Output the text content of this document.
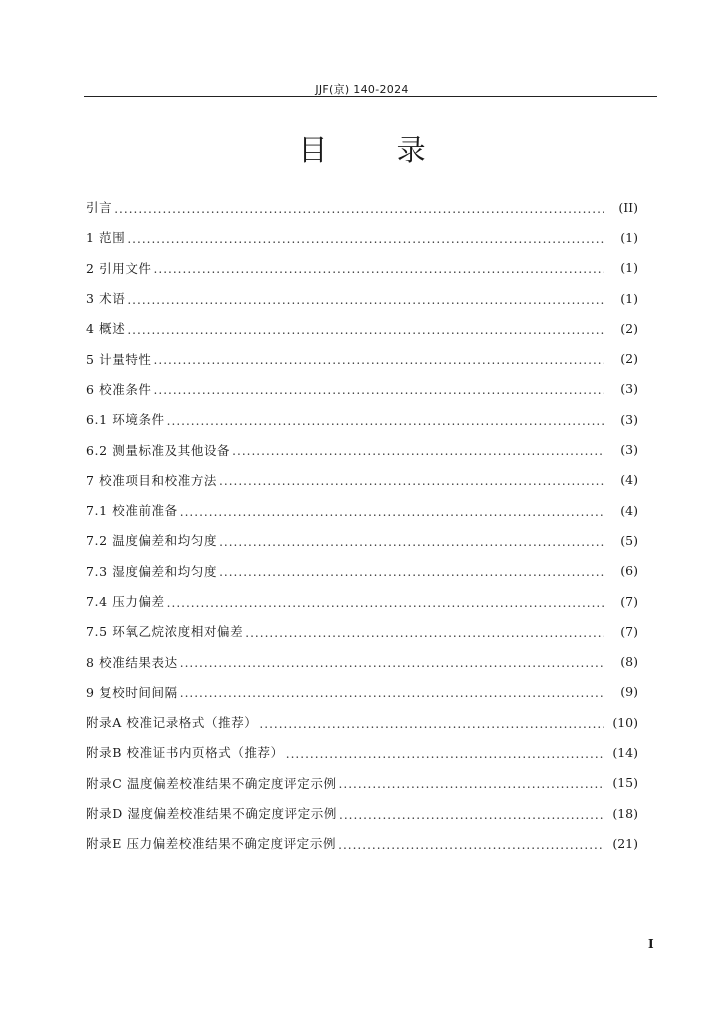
JJF(京) 140-2024
目 录
引言 . . .	(II)
1 范围 . . .	(1)
2 引用文件 . . .	(1)
3 术语 . . .	(1)
4 概述 . . .	(2)
5 计量特性 . . .	(2)
6 校准条件 . . .	(3)
6.1 环境条件 . . .	(3)
6.2 测量标准及其他设备 . . .	(3)
7 校准项目和校准方法 . . .	(4)
7.1 校准前准备 . . .	(4)
7.2 温度偏差和均匀度 . . .	(5)
7.3 湿度偏差和均匀度 . . .	(6)
7.4 压力偏差 . . .	(7)
7.5 环氧乙烷浓度相对偏差 . . .	(7)
8 校准结果表达 . . .	(8)
9 复校时间间隔 . . .	(9)
附录A 校准记录格式（推荐） . . .	(10)
附录B 校准证书内页格式（推荐） . . .	(14)
附录C 温度偏差校准结果不确定度评定示例 . . .	(15)
附录D 湿度偏差校准结果不确定度评定示例 . . .	(18)
附录E 压力偏差校准结果不确定度评定示例 . . .	(21)
I
